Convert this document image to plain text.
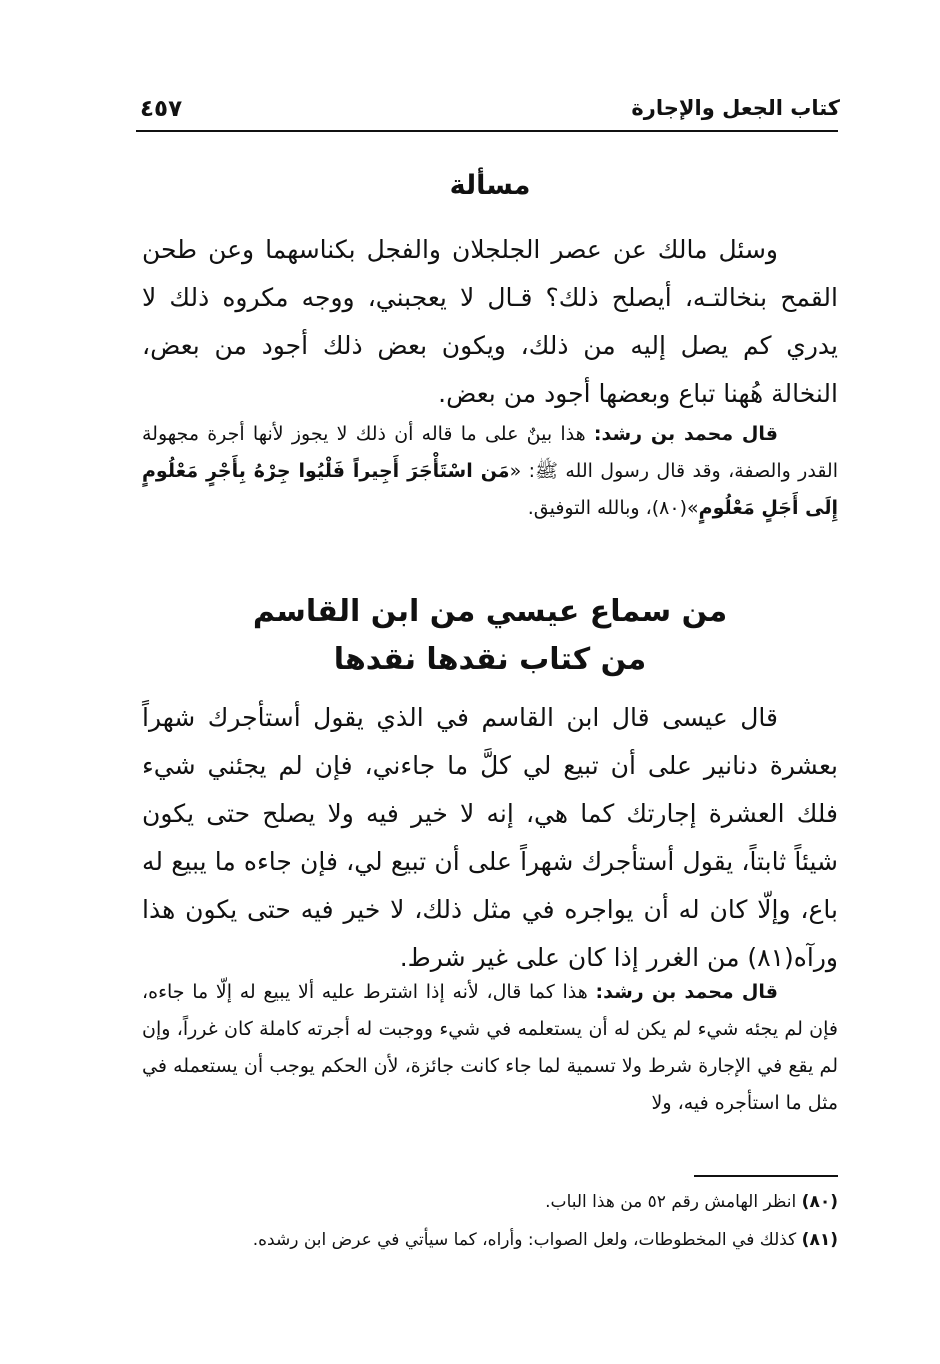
كتاب الجعل والإجارة
٤٥٧
مسألة

وسئل مالك عن عصر الجلجلان والفجل بكناسهما وعن طحن القمح بنخالتـه، أيصلح ذلك؟ قـال لا يعجبني، ووجه مكروه ذلك لا يدري كم يصل إليه من ذلك، ويكون بعض ذلك أجود من بعض، النخالة هُهنا تباع وبعضها أجود من بعض.

قال محمد بن رشد: هذا بينٌ على ما قاله أن ذلك لا يجوز لأنها أجرة مجهولة القدر والصفة، وقد قال رسول الله ﷺ: «مَن اسْتَأْجَرَ أَجِيراً فَلْيُوا جِرْهُ بِأَجْرٍ مَعْلُومٍ إِلَى أَجَلٍ مَعْلُومٍ»(٨٠)، وبالله التوفيق.

من سماع عيسي من ابن القاسم
من كتاب نقدها نقدها

قال عيسى قال ابن القاسم في الذي يقول أستأجرك شهراً بعشرة دنانير على أن تبيع لي كلَّ ما جاءني، فإن لم يجئني شيء فلك العشرة إجارتك كما هي، إنه لا خير فيه ولا يصلح حتى يكون شيئاً ثابتاً، يقول أستأجرك شهراً على أن تبيع لي، فإن جاءه ما يبيع له باع، وإلّا كان له أن يواجره في مثل ذلك، لا خير فيه حتى يكون هذا ورآه(٨١) من الغرر إذا كان على غير شرط.

قال محمد بن رشد: هذا كما قال، لأنه إذا اشترط عليه ألا يبيع له إلّا ما جاءه، فإن لم يجئه شيء لم يكن له أن يستعلمه في شيء ووجبت له أجرته كاملة كان غرراً، وإن لم يقع في الإجارة شرط ولا تسمية لما جاء كانت جائزة، لأن الحكم يوجب أن يستعمله في مثل ما استأجره فيه، ولا

(٨٠) انظر الهامش رقم ٥٢ من هذا الباب.
(٨١) كذلك في المخطوطات، ولعل الصواب: وأراه، كما سيأتي في عرض ابن رشده.
